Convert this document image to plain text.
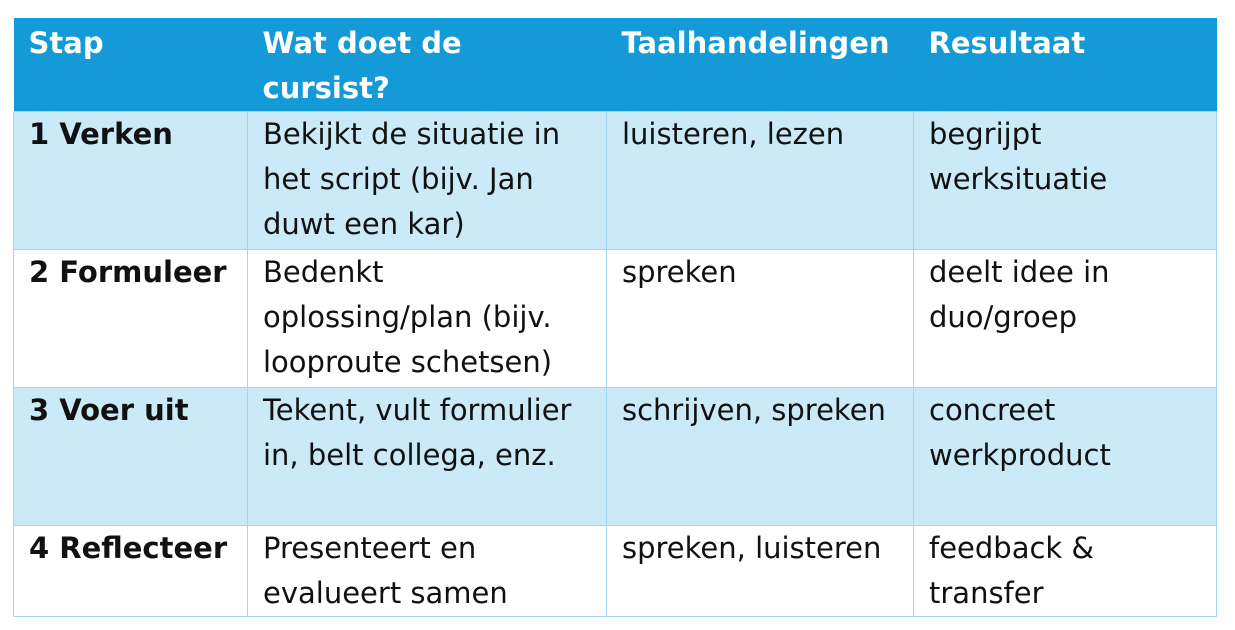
Stap	Wat doet de cursist?	Taalhandelingen	Resultaat
1 Verken	Bekijkt de situatie in het script (bijv. Jan duwt een kar)	luisteren, lezen	begrijpt werksituatie
2 Formuleer	Bedenkt oplossing/plan (bijv. looproute schetsen)	spreken	deelt idee in duo/groep
3 Voer uit	Tekent, vult formulier in, belt collega, enz.	schrijven, spreken	concreet werkproduct
4 Reflecteer	Presenteert en evalueert samen	spreken, luisteren	feedback & transfer
